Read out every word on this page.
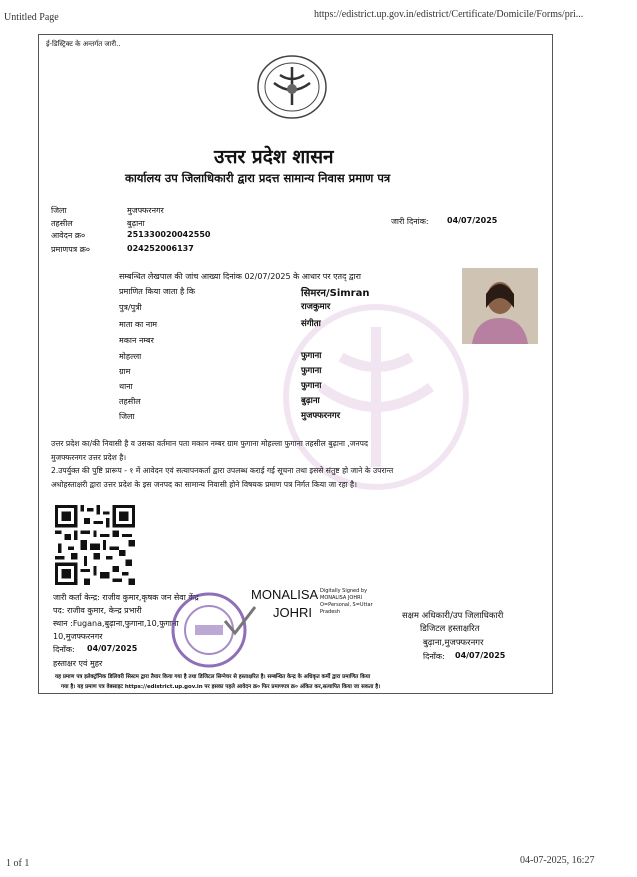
Untitled Page	https://edistrict.up.gov.in/edistrict/Certificate/Domicile/Forms/pri...
1 of 1	04-07-2025, 16:27
ई-डिस्ट्रिक्ट के अन्तर्गत जारी..
उत्तर प्रदेश शासन
कार्यालय उप जिलाधिकारी द्वारा प्रदत्त सामान्य निवास प्रमाण पत्र
जिला	मुजफ्फरनगर
तहसील	बुढ़ाना
आवेदन क्र०	251330020042550
प्रमाणपत्र क्र०	024252006137
जारी दिनांक: 04/07/2025
सम्बन्धित लेखपाल की जांच आख्या दिनांक 02/07/2025 के आधार पर एतद् द्वारा
प्रमाणित किया जाता है कि	सिमरन/Simran
पुत्र/पुत्री	राजकुमार
माता का नाम	संगीता
मकान नम्बर
मोहल्ला	फुगाना
ग्राम	फुगाना
थाना	फुगाना
तहसील	बुढ़ाना
जिला	मुजफ्फरनगर
उत्तर प्रदेश का/की निवासी है व उसका वर्तमान पता मकान नम्बर ग्राम फुगाना मोहल्ला फुगाना तहसील बुढ़ाना ,जनपद
मुजफ्फरनगर उत्तर प्रदेश है।
2.उपर्युक्त की पुष्टि प्रारूप - १ में आवेदन एवं सत्यापनकर्ता द्वारा उपलब्ध कराई गई सूचना तथा इससे संतुष्ट हो जाने के उपरान्त
अधोहस्ताक्षरी द्वारा उत्तर प्रदेश के इस जनपद का सामान्य निवासी होने विषयक प्रमाण पत्र निर्गत किया जा रहा है।
जारी कर्ता केन्द्र: राजीव कुमार,कृषक जन सेवा केंद्र
पद: राजीव कुमार, केन्द्र प्रभारी
स्थान :Fugana,बुढ़ाना,फुगाना,10,फुगाना
10,मुजफ्फरनगर
दिनाँक: 04/07/2025
हस्ताक्षर एवं मुहर
MONALISA
JOHRI
Digitally Signed by
MONALISA JOHRI
O=Personal, S=Uttar
Pradesh	सक्षम अधिकारी/उप जिलाधिकारी
डिजिटल हस्ताक्षरित
बुढ़ाना,मुजफ्फरनगर
दिनाँक: 04/07/2025
यह प्रमाण पत्र इलेक्ट्रॉनिक डिलिवरी सिस्टम द्वारा तैयार किया गया है तथा डिजिटल सिग्नेचर से हस्ताक्षरित है। सम्बन्धित केन्द्र के अधिकृत कर्मी द्वारा प्रमाणित किया
गया है। यह प्रमाण पत्र वेबसाइट https://edistrict.up.gov.in पर इसका पहले आवेदन क्र० फिर प्रमाणपत्र क्र० अंकित कर,सत्यापित किया जा सकता है।
